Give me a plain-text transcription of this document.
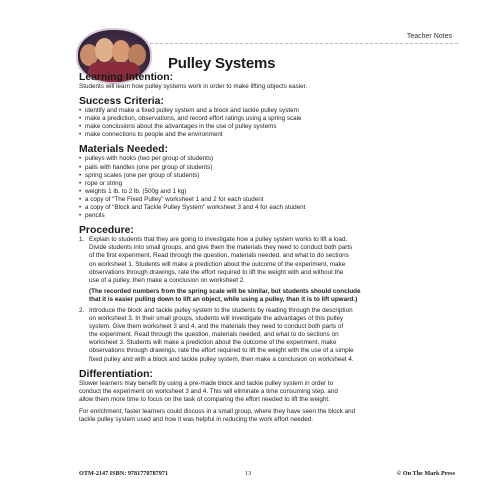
Teacher Notes
Pulley Systems
Learning Intention:

Students will learn how pulley systems work in order to make lifting objects easier.

Success Criteria:
• identify and make a fixed pulley system and a block and tackle pulley system
• make a prediction, observations, and record effort ratings using a spring scale
• make conclusions about the advantages in the use of pulley systems
• make connections to people and the environment
Materials Needed:
• pulleys with hooks (two per group of students)
• pails with handles (one per group of students)
• spring scales (one per group of students)
• rope or string
• weights 1 lb. to 2 lb. (500g and 1 kg)
• a copy of “The Fixed Pulley” worksheet 1 and 2 for each student
• a copy of “Block and Tackle Pulley System” worksheet 3 and 4 for each student
• pencils
Procedure:
1. Explain to students that they are going to investigate how a pulley system works to lift a load.
Divide students into small groups, and give them the materials they need to conduct both parts
of the first experiment. Read through the question, materials needed, and what to do sections
on worksheet 1. Students will make a prediction about the outcome of the experiment, make
observations through drawings, rate the effort required to lift the weight with and without the
use of a pulley, then make a conclusion on worksheet 2.
(The recorded numbers from the spring scale will be similar, but students should conclude
that it is easier pulling down to lift an object, while using a pulley, than it is to lift upward.)
2. Introduce the block and tackle pulley system to the students by reading through the description
on worksheet 3. In their small groups, students will investigate the advantages of this pulley
system. Give them worksheet 3 and 4, and the materials they need to conduct both parts of
the experiment. Read through the question, materials needed, and what to do sections on
worksheet 3. Students will make a prediction about the outcome of the experiment, make
observations through drawings, rate the effort required to lift the weight with the use of a simple
fixed pulley and with a block and tackle pulley system, then make a conclusion on worksheet 4.
Differentiation:

Slower learners may benefit by using a pre-made block and tackle pulley system in order to
conduct the experiment on worksheet 3 and 4. This will eliminate a time consuming step, and
allow them more time to focus on the task of comparing the effort needed to lift the weight.

For enrichment, faster learners could discuss in a small group, where they have seen the block and
tackle pulley system used and how it was helpful in reducing the work effort needed.

OTM-2147 ISBN: 9781770787971	13	© On The Mark Press
